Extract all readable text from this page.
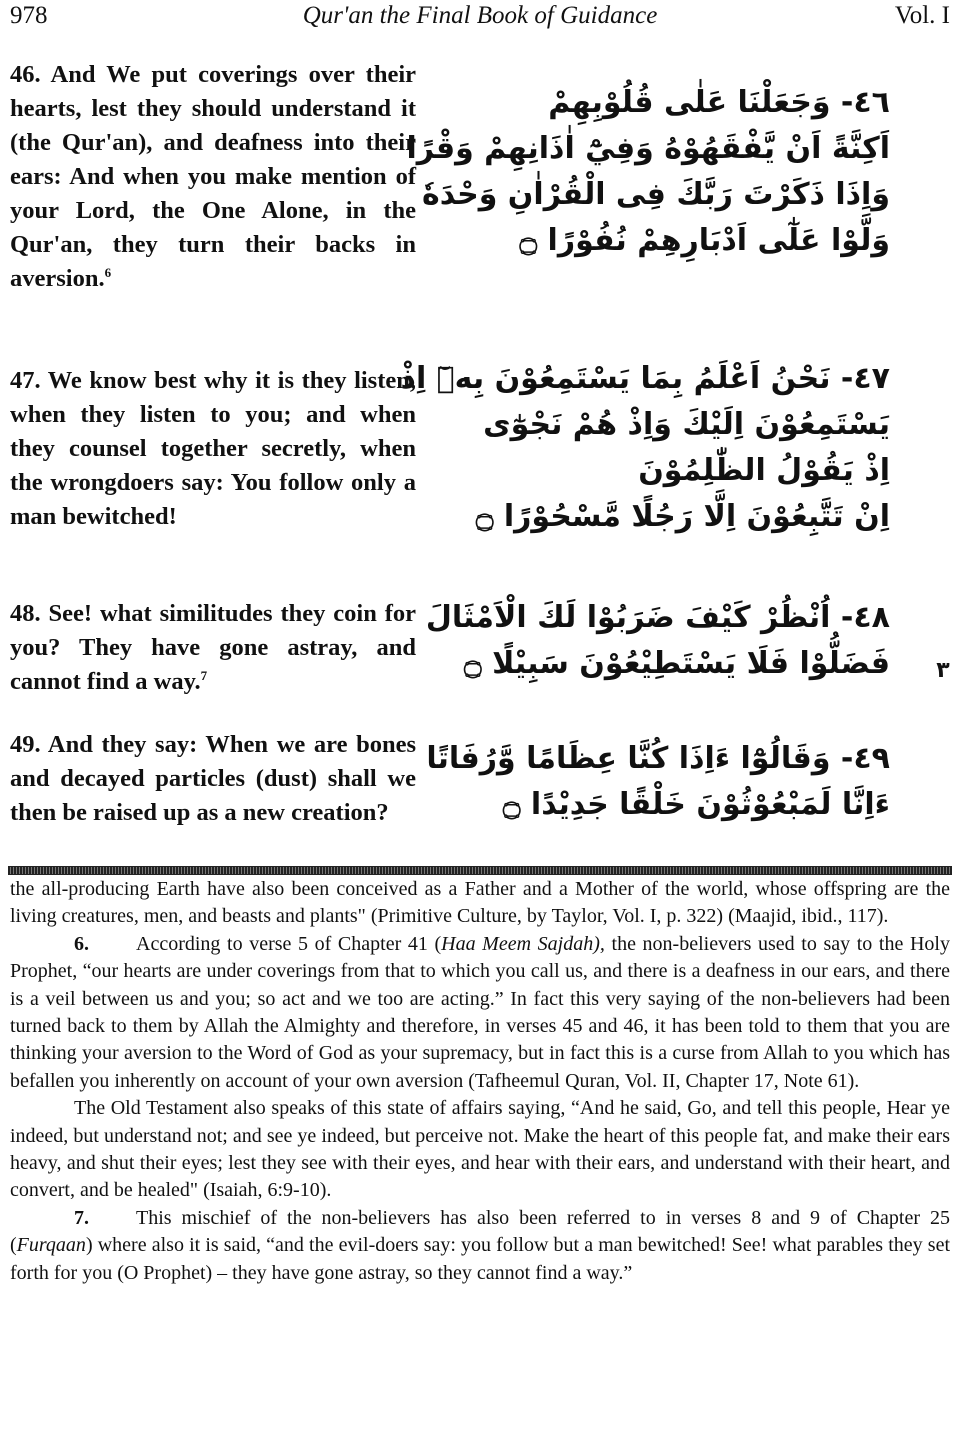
978	Qur'an the Final Book of Guidance	Vol. I
46. And We put coverings over their hearts, lest they should understand it (the Qur'an), and deafness into their ears: And when you make mention of your Lord, the One Alone, in the Qur'an, they turn their backs in aversion.$^6$
٤٦- وَجَعَلْنَا عَلٰى قُلُوْبِهِمْ
اَكِنَّةً اَنْ يَّفْقَهُوْهُ وَفِيْٓ اٰذَانِهِمْ وَقْرًا
وَاِذَا ذَكَرْتَ رَبَّكَ فِى الْقُرْاٰنِ وَحْدَهٗ
وَلَّوْا عَلٰٓى اَدْبَارِهِمْ نُفُوْرًا ۝
47. We know best why it is they listen, when they listen to you; and when they counsel together secretly, when the wrongdoers say: You follow only a man bewitched!
٤٧- نَحْنُ اَعْلَمُ بِمَا يَسْتَمِعُوْنَ بِهٖٓ اِذْ
يَسْتَمِعُوْنَ اِلَيْكَ وَاِذْ هُمْ نَجْوٰٓى
اِذْ يَقُوْلُ الظّٰلِمُوْنَ
اِنْ تَتَّبِعُوْنَ اِلَّا رَجُلًا مَّسْحُوْرًا ۝
48. See! what similitudes they coin for you? They have gone astray, and cannot find a way.$^7$
٤٨- اُنْظُرْ كَيْفَ ضَرَبُوْا لَكَ الْاَمْثَالَ
فَضَلُّوْا فَلَا يَسْتَطِيْعُوْنَ سَبِيْلًا ۝
49. And they say: When we are bones and decayed particles (dust) shall we then be raised up as a new creation?
٤٩- وَقَالُوْٓا ءَاِذَا كُنَّا عِظَامًا وَّرُفَاتًا
ءَاِنَّا لَمَبْعُوْثُوْنَ خَلْقًا جَدِيْدًا ۝
٣

the all-producing Earth have also been conceived as a Father and a Mother of the world, whose offspring are the living creatures, men, and beasts and plants" (Primitive Culture, by Taylor, Vol. I, p. 322) (Maajid, ibid., 117).

6. According to verse 5 of Chapter 41 (Haa Meem Sajdah), the non-believers used to say to the Holy Prophet, “our hearts are under coverings from that to which you call us, and there is a deafness in our ears, and there is a veil between us and you; so act and we too are acting.” In fact this very saying of the non-believers had been turned back to them by Allah the Almighty and therefore, in verses 45 and 46, it has been told to them that you are thinking your aversion to the Word of God as your supremacy, but in fact this is a curse from Allah to you which has befallen you inherently on account of your own aversion (Tafheemul Quran, Vol. II, Chapter 17, Note 61).

The Old Testament also speaks of this state of affairs saying, “And he said, Go, and tell this people, Hear ye indeed, but understand not; and see ye indeed, but perceive not. Make the heart of this people fat, and make their ears heavy, and shut their eyes; lest they see with their eyes, and hear with their ears, and understand with their heart, and convert, and be healed" (Isaiah, 6:9-10).

7. This mischief of the non-believers has also been referred to in verses 8 and 9 of Chapter 25 (Furqaan) where also it is said, “and the evil-doers say: you follow but a man bewitched! See! what parables they set forth for you (O Prophet) – they have gone astray, so they cannot find a way.”
